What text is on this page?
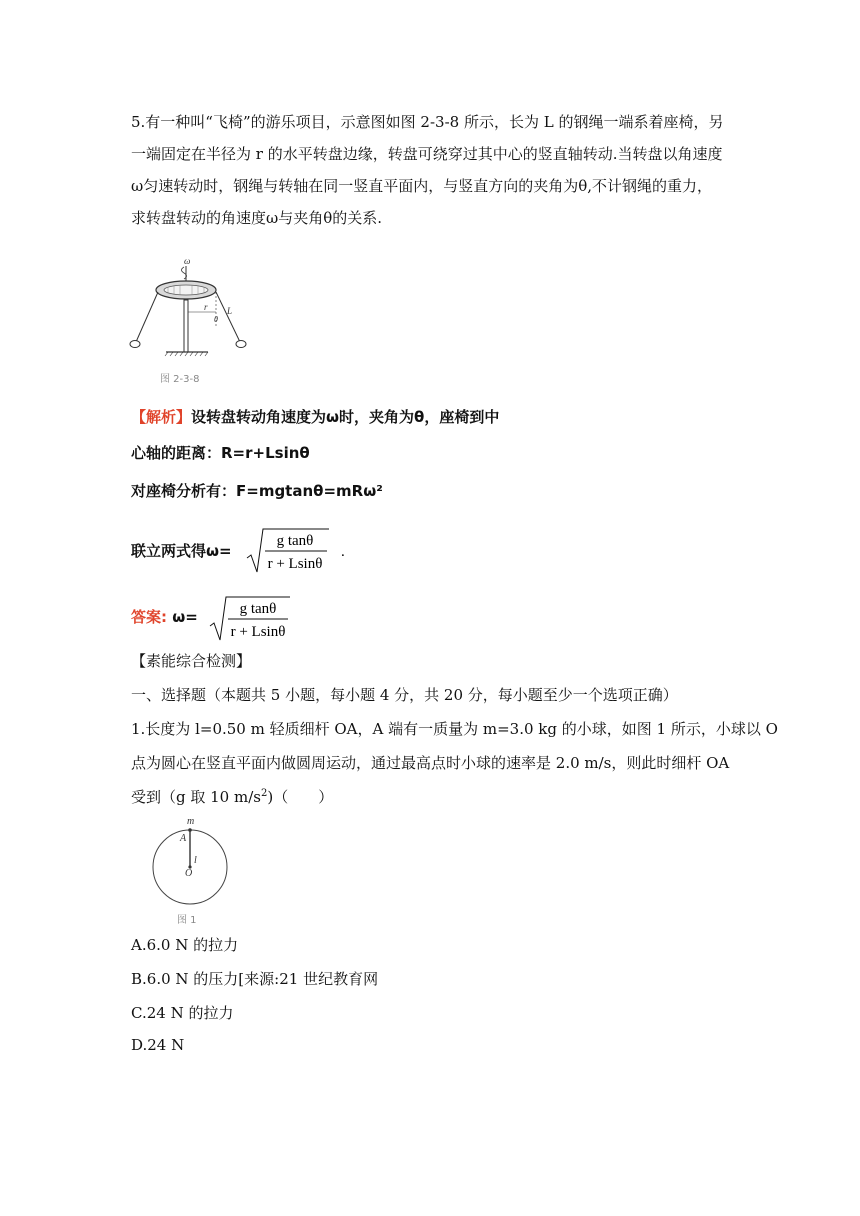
5.有一种叫“飞椅”的游乐项目，示意图如图 2-3-8 所示，长为 L 的钢绳一端系着座椅，另
一端固定在半径为 r 的水平转盘边缘，转盘可绕穿过其中心的竖直轴转动.当转盘以角速度
ω匀速转动时，钢绳与转轴在同一竖直平面内，与竖直方向的夹角为θ,不计钢绳的重力，
求转盘转动的角速度ω与夹角θ的关系.
ω
r
θ
L
图 2-3-8
【解析】设转盘转动角速度为ω时，夹角为θ，座椅到中
心轴的距离：R=r+Lsinθ
对座椅分析有：F=mgtanθ=mRω²
联立两式得ω=
g tanθ
r + Lsinθ
.
答案: ω=	g tanθ
r + Lsinθ
【素能综合检测】
一、选择题（本题共 5 小题，每小题 4 分，共 20 分，每小题至少一个选项正确）
1.长度为 l=0.50 m 轻质细杆 OA，A 端有一质量为 m=3.0 kg 的小球，如图 1 所示，小球以 O
点为圆心在竖直平面内做圆周运动，通过最高点时小球的速率是 2.0 m/s，则此时细杆 OA
受到（g 取 10 $m/s^2$)（　　）
m
A
l
O
图 1
A.6.0 N 的拉力
B.6.0 N 的压力[来源:21 世纪教育网
C.24 N 的拉力
D.24 N
